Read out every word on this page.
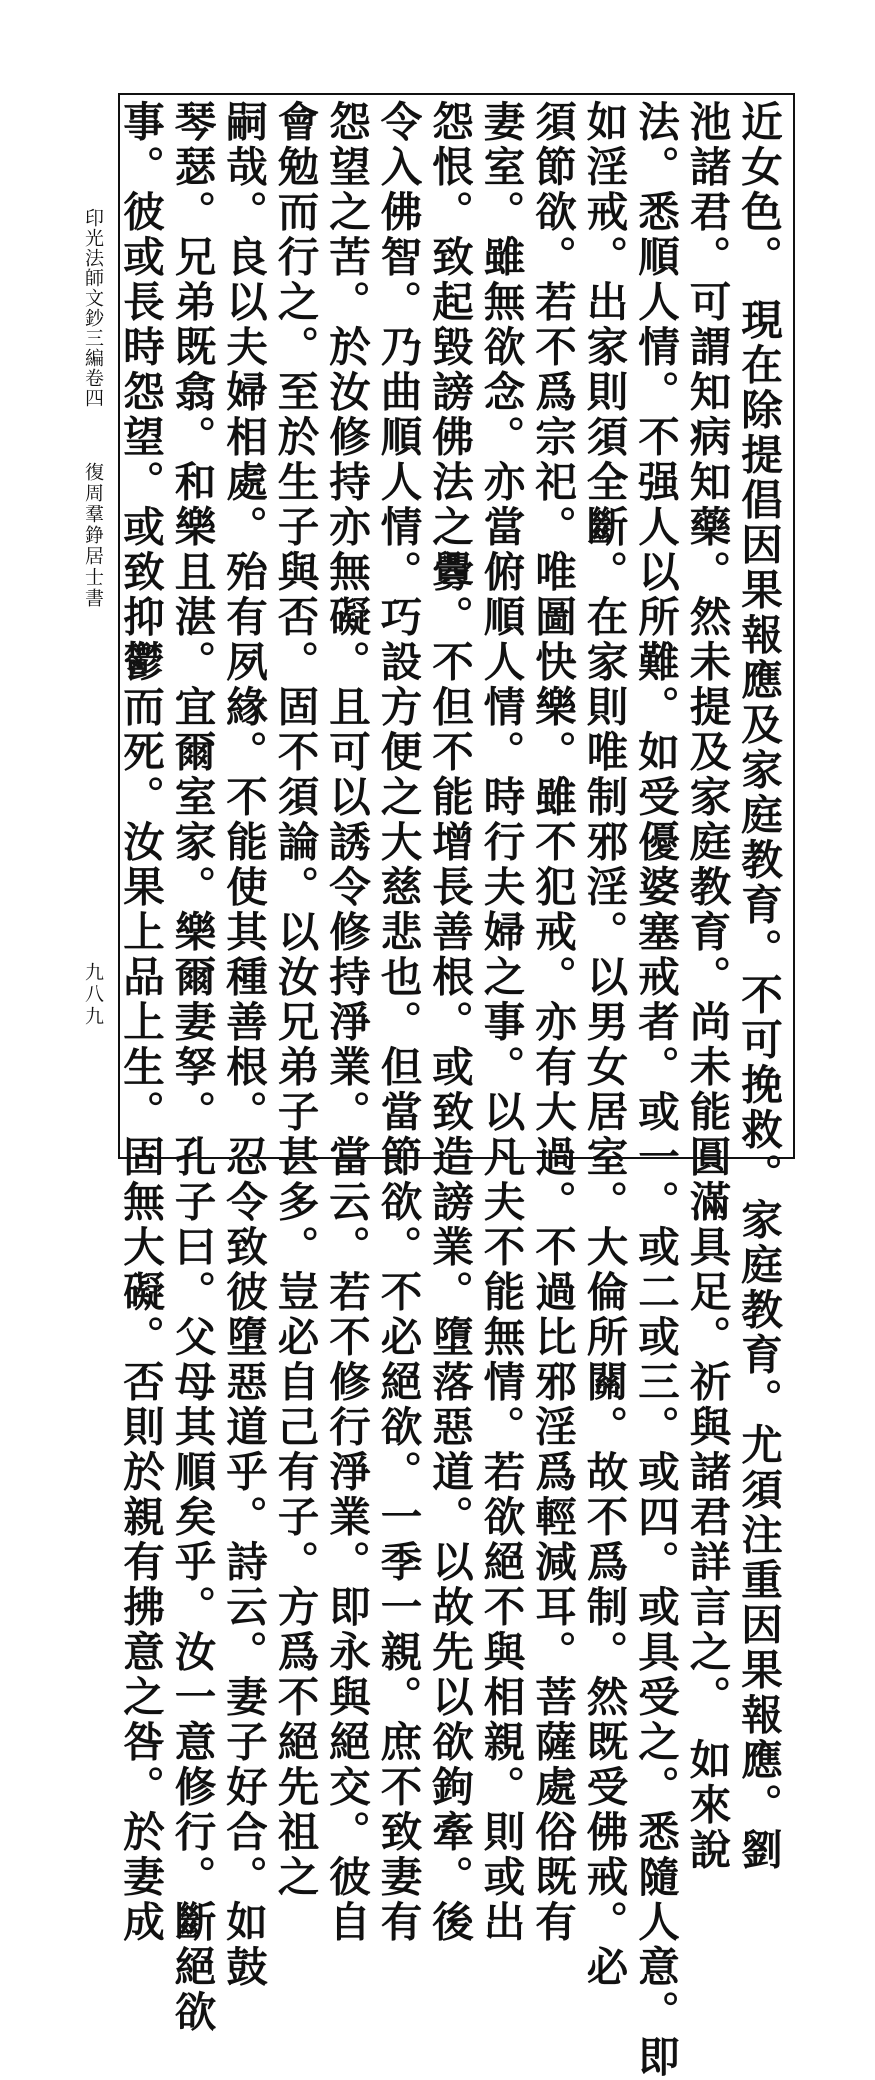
近女色。 現在除提倡因果報應及家庭教育。不可挽救。家庭教育。尤須注重因果報應。劉
池諸君。可謂知病知藥。然未提及家庭教育。尚未能圓滿具足。祈與諸君詳言之。 如來說
法。悉順人情。不强人以所難。如受優婆塞戒者。或一。或二或三。或四。或具受之。悉隨人意。即
如淫戒。出家則須全斷。在家則唯制邪淫。以男女居室。大倫所關。故不爲制。然既受佛戒。必
須節欲。若不爲宗祀。唯圖快樂。雖不犯戒。亦有大過。不過比邪淫爲輕減耳。菩薩處俗既有
妻室。雖無欲念。亦當俯順人情。時行夫婦之事。以凡夫不能無情。若欲絕不與相親。則或出
怨恨。致起毀謗佛法之釁。不但不能增長善根。或致造謗業。墮落惡道。以故先以欲鉤牽。後
令入佛智。乃曲順人情。巧設方便之大慈悲也。但當節欲。不必絕欲。一季一親。庶不致妻有
怨望之苦。於汝修持亦無礙。且可以誘令修持淨業。當云。若不修行淨業。即永與絕交。彼自
會勉而行之。至於生子與否。固不須論。以汝兄弟子甚多。豈必自己有子。方爲不絕先祖之
嗣哉。良以夫婦相處。殆有夙緣。不能使其種善根。忍令致彼墮惡道乎。詩云。妻子好合。如鼓
琴瑟。兄弟既翕。和樂且湛。宜爾室家。樂爾妻孥。孔子曰。父母其順矣乎。汝一意修行。斷絕欲
事。彼或長時怨望。或致抑鬱而死。汝果上品上生。固無大礙。否則於親有拂意之咎。於妻成
印光法師文鈔三編卷四
復周羣錚居士書
九八九
